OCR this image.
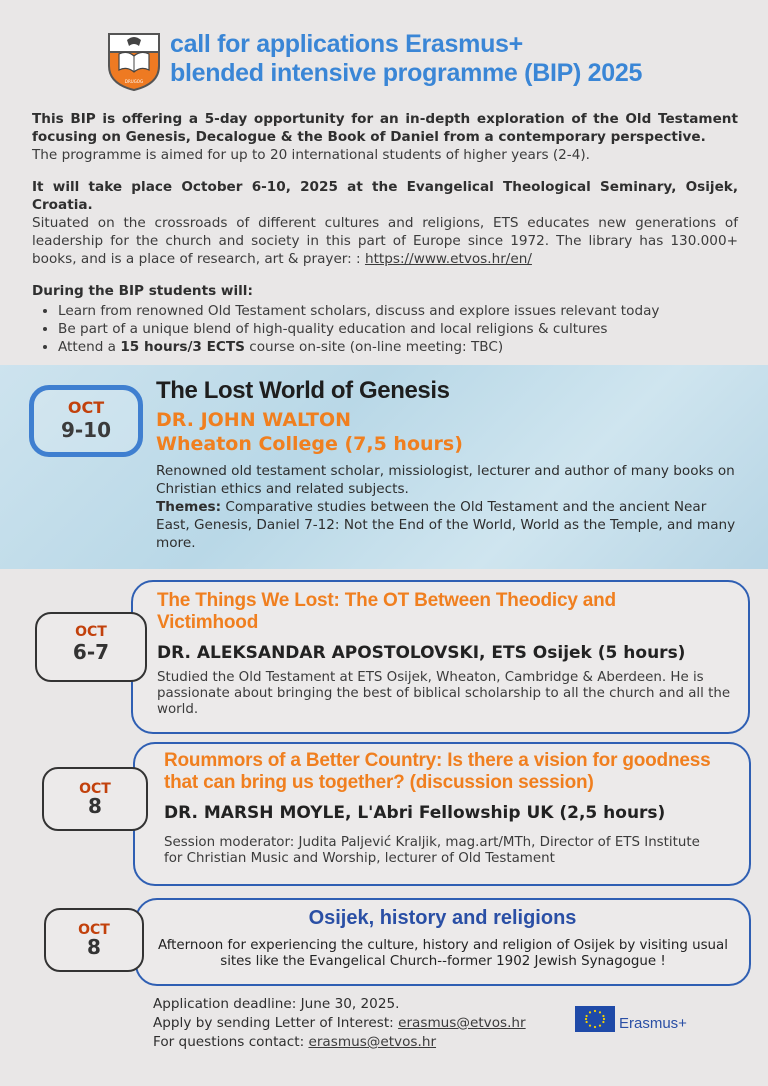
DRUGOG
call for applications Erasmus+
blended intensive programme (BIP) 2025

This BIP is offering a 5-day opportunity for an in-depth exploration of the Old Testament focusing on Genesis, Decalogue & the Book of Daniel from a contemporary perspective.
The programme is aimed for up to 20 international students of higher years (2-4).

It will take place October 6-10, 2025 at the Evangelical Theological Seminary, Osijek, Croatia.
Situated on the crossroads of different cultures and religions, ETS educates new generations of leadership for the church and society in this part of Europe since 1972. The library has 130.000+ books, and is a place of research, art & prayer: : https://www.etvos.hr/en/

During the BIP students will:
• Learn from renowned Old Testament scholars, discuss and explore issues relevant today
• Be part of a unique blend of high-quality education and local religions & cultures
• Attend a 15 hours/3 ECTS course on-site (on-line meeting: TBC)
OCT
9-10
The Lost World of Genesis
DR. JOHN WALTON
Wheaton College (7,5 hours)
Renowned old testament scholar, missiologist, lecturer and author of many books on Christian ethics and related subjects.
Themes: Comparative studies between the Old Testament and the ancient Near East, Genesis, Daniel 7-12: Not the End of the World, World as the Temple, and many more.
OCT
6-7
The Things We Lost: The OT Between Theodicy and Victimhood
DR. ALEKSANDAR APOSTOLOVSKI, ETS Osijek (5 hours)
Studied the Old Testament at ETS Osijek, Wheaton, Cambridge & Aberdeen. He is passionate about bringing the best of biblical scholarship to all the church and all the world.
OCT
8
Roummors of a Better Country: Is there a vision for goodness that can bring us together? (discussion session)
DR. MARSH MOYLE, L'Abri Fellowship UK (2,5 hours)
Session moderator: Judita Paljević Kraljik, mag.art/MTh, Director of ETS Institute for Christian Music and Worship, lecturer of Old Testament
OCT
8
Osijek, history and religions
Afternoon for experiencing the culture, history and religion of Osijek by visiting usual sites like the Evangelical Church--former 1902 Jewish Synagogue !
Application deadline: June 30, 2025.
Apply by sending Letter of Interest: erasmus@etvos.hr
For questions contact: erasmus@etvos.hr
Erasmus+
